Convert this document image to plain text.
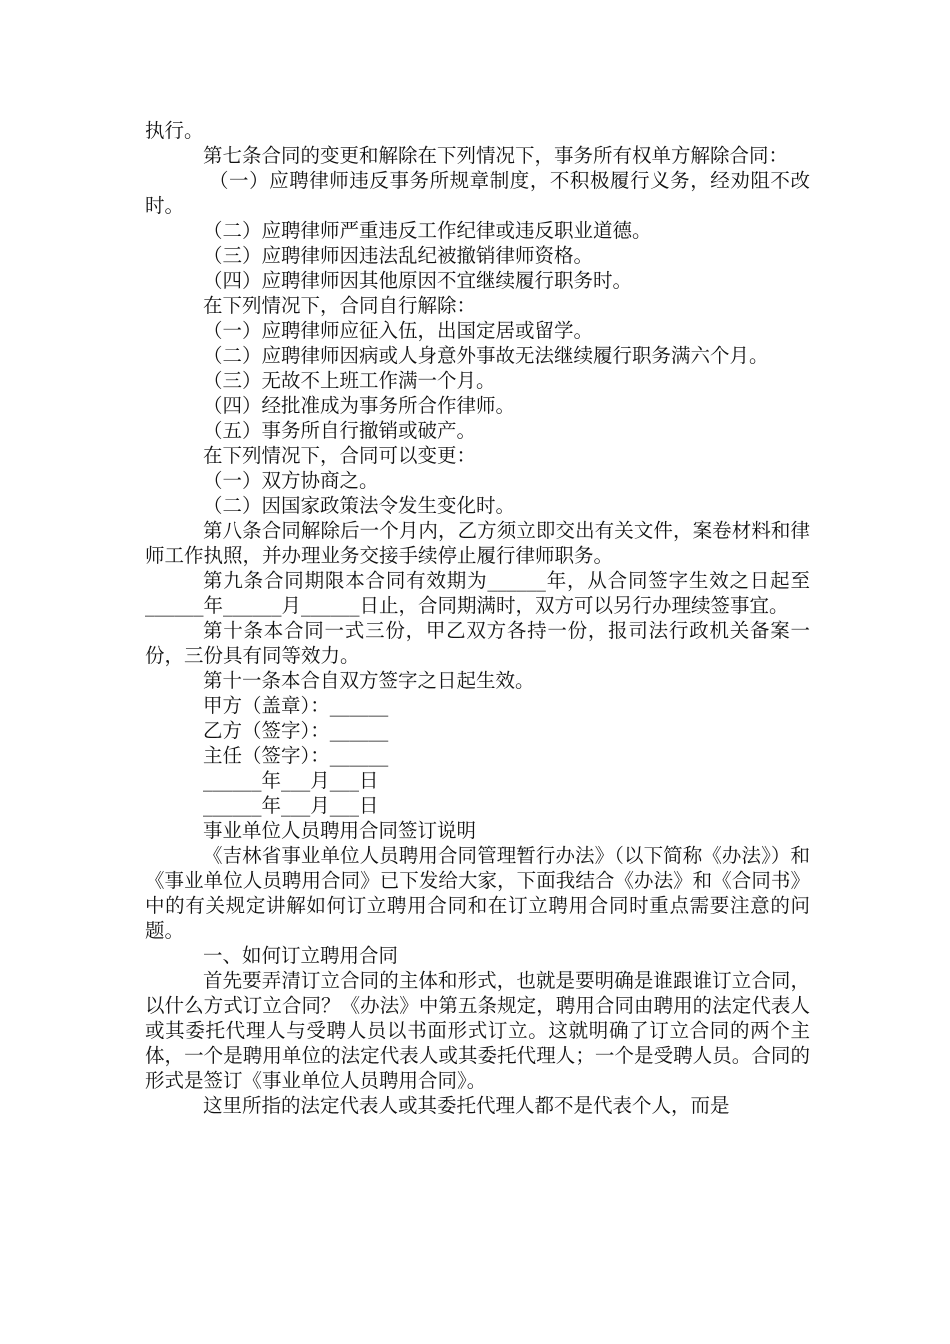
执行。

第七条合同的变更和解除在下列情况下，事务所有权单方解除合同：

（一）应聘律师违反事务所规章制度，不积极履行义务，经劝阻不改时。

（二）应聘律师严重违反工作纪律或违反职业道德。

（三）应聘律师因违法乱纪被撤销律师资格。

（四）应聘律师因其他原因不宜继续履行职务时。

在下列情况下，合同自行解除：

（一）应聘律师应征入伍，出国定居或留学。

（二）应聘律师因病或人身意外事故无法继续履行职务满六个月。

（三）无故不上班工作满一个月。

（四）经批准成为事务所合作律师。

（五）事务所自行撤销或破产。

在下列情况下，合同可以变更：

（一）双方协商之。

（二）因国家政策法令发生变化时。

第八条合同解除后一个月内，乙方须立即交出有关文件，案卷材料和律师工作执照，并办理业务交接手续停止履行律师职务。

第九条合同期限本合同有效期为______年，从合同签字生效之日起至______年______月______日止，合同期满时，双方可以另行办理续签事宜。

第十条本合同一式三份，甲乙双方各持一份，报司法行政机关备案一份，三份具有同等效力。

第十一条本合自双方签字之日起生效。

甲方（盖章）：______

乙方（签字）：______

主任（签字）：______

______年___月___日

______年___月___日

事业单位人员聘用合同签订说明

《吉林省事业单位人员聘用合同管理暂行办法》（以下简称《办法》）和《事业单位人员聘用合同》已下发给大家，下面我结合《办法》和《合同书》中的有关规定讲解如何订立聘用合同和在订立聘用合同时重点需要注意的问题。

一、如何订立聘用合同

首先要弄清订立合同的主体和形式，也就是要明确是谁跟谁订立合同，以什么方式订立合同？《办法》中第五条规定，聘用合同由聘用的法定代表人或其委托代理人与受聘人员以书面形式订立。这就明确了订立合同的两个主体，一个是聘用单位的法定代表人或其委托代理人；一个是受聘人员。合同的形式是签订《事业单位人员聘用合同》。

这里所指的法定代表人或其委托代理人都不是代表个人，而是
